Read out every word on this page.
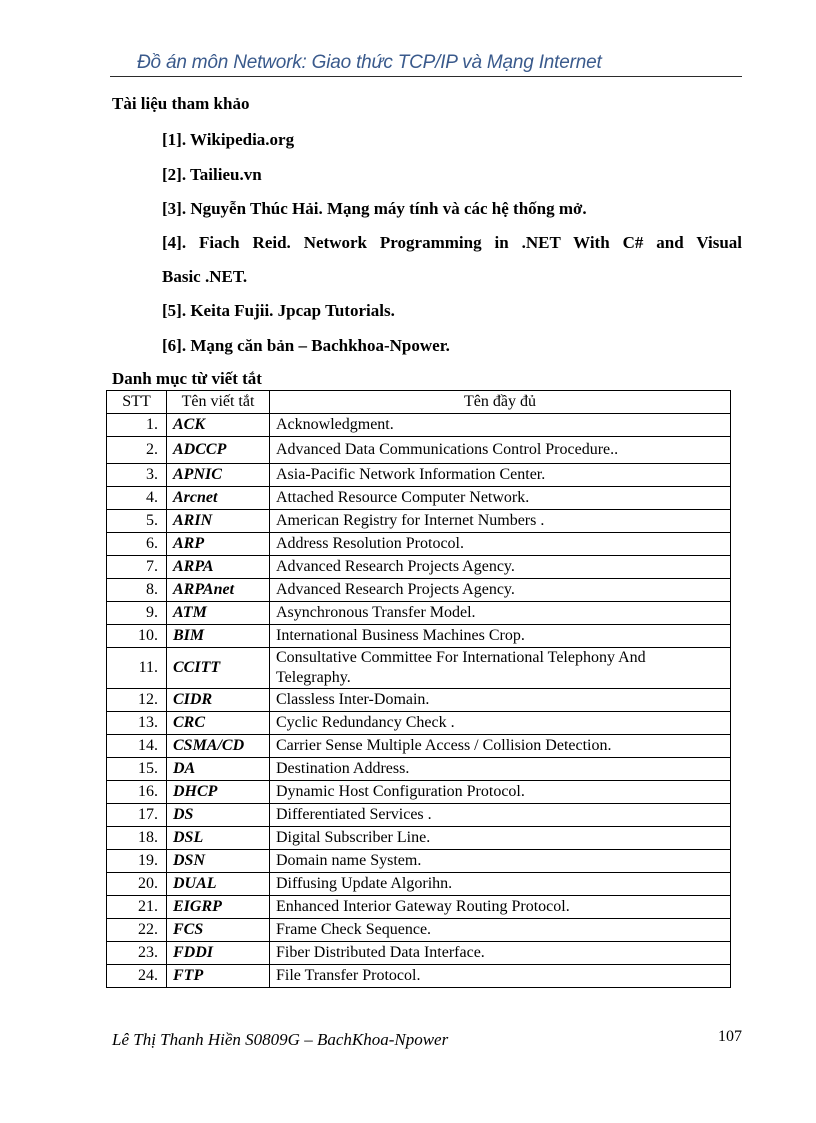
Đồ án môn Network: Giao thức TCP/IP và Mạng Internet
Tài liệu tham khảo
[1]. Wikipedia.org
[2]. Tailieu.vn
[3]. Nguyễn Thúc Hải. Mạng máy tính và các hệ thống mở.
[4]. Fiach Reid. Network Programming in .NET With C# and Visual
Basic .NET.
[5]. Keita Fujii. Jpcap Tutorials.
[6]. Mạng căn bản – Bachkhoa-Npower.
Danh mục từ viết tắt
STT	Tên viết tắt	Tên đầy đủ
1.	ACK	Acknowledgment.
2.	ADCCP	Advanced Data Communications Control Procedure..
3.	APNIC	Asia-Pacific Network Information Center.
4.	Arcnet	Attached Resource Computer Network.
5.	ARIN	American Registry for Internet Numbers .
6.	ARP	Address Resolution Protocol.
7.	ARPA	Advanced Research Projects Agency.
8.	ARPAnet	Advanced Research Projects Agency.
9.	ATM	Asynchronous Transfer Model.
10.	BIM	International Business Machines Crop.
11.	CCITT	Consultative Committee For International Telephony And Telegraphy.
12.	CIDR	Classless Inter-Domain.
13.	CRC	Cyclic Redundancy Check .
14.	CSMA/CD	Carrier Sense Multiple Access / Collision Detection.
15.	DA	Destination Address.
16.	DHCP	Dynamic Host Configuration Protocol.
17.	DS	Differentiated Services .
18.	DSL	Digital Subscriber Line.
19.	DSN	Domain name System.
20.	DUAL	Diffusing Update Algorihn.
21.	EIGRP	Enhanced Interior Gateway Routing Protocol.
22.	FCS	Frame Check Sequence.
23.	FDDI	Fiber Distributed Data Interface.
24.	FTP	File Transfer Protocol.
Lê Thị Thanh Hiền S0809G – BachKhoa-Npower	107
